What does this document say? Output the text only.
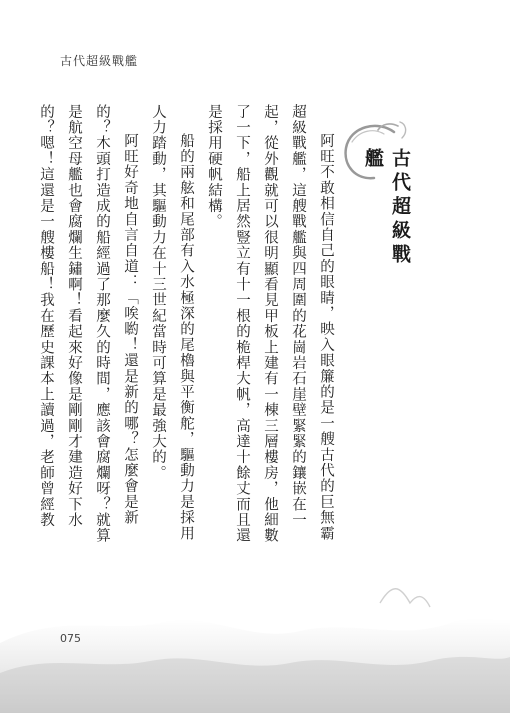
古代超級戰艦
古代超級戰艦

阿旺不敢相信自己的眼睛，映入眼簾的是一艘古代的巨無霸超級戰艦，這艘戰艦與四周圍的花崗岩石崖壁緊緊的鑲嵌在一起，從外觀就可以很明顯看見甲板上建有一棟三層樓房，他細數了一下，船上居然豎立有十一根的桅桿大帆，高達十餘丈而且還是採用硬帆結構。

船的兩舷和尾部有入水極深的尾櫓與平衡舵，驅動力是採用人力踏動，其驅動力在十三世紀當時可算是最強大的。

阿旺好奇地自言自道：「唉喲！還是新的哪？怎麼會是新的？木頭打造成的船經過了那麼久的時間，應該會腐爛呀？就算是航空母艦也會腐爛生鏽啊！看起來好像是剛剛才建造好下水的？嗯！這還是一艘樓船！我在歷史課本上讀過，老師曾經教

075
